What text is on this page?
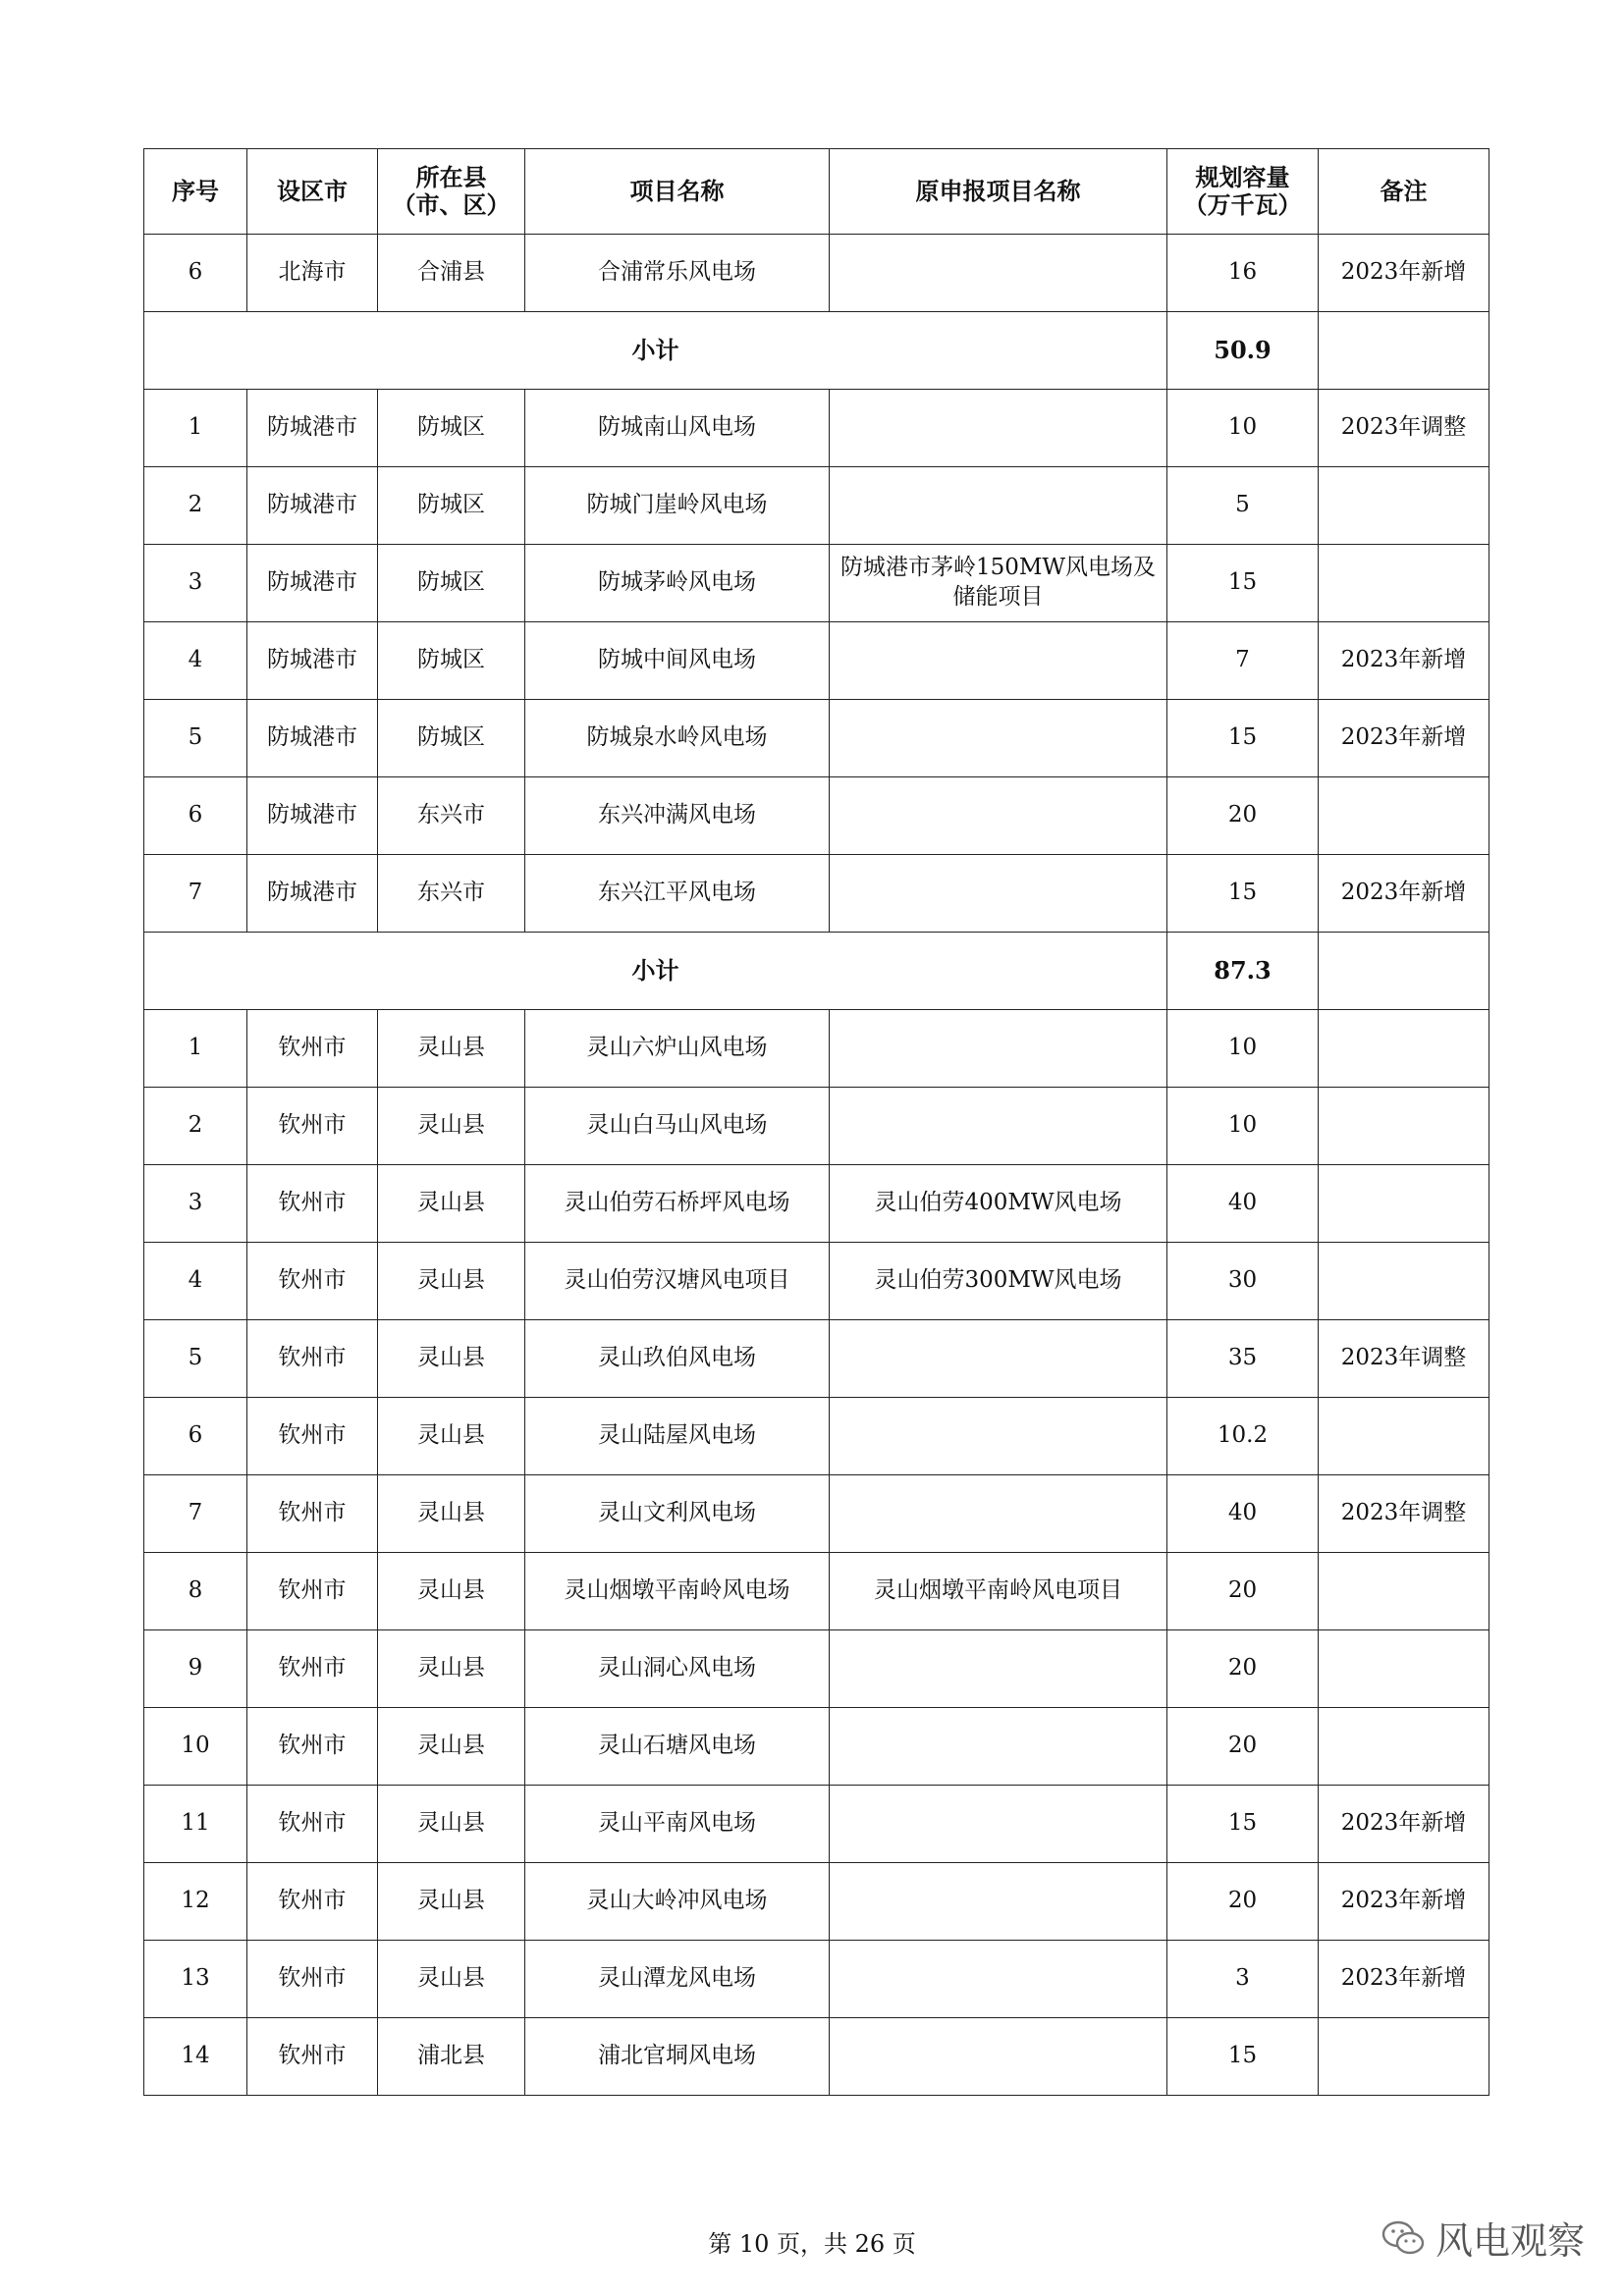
序号	设区市	所在县（市、区）	项目名称	原申报项目名称	规划容量（万千瓦）	备注
6	北海市	合浦县	合浦常乐风电场		16	2023年新增
小计					50.9	
1	防城港市	防城区	防城南山风电场		10	2023年调整
2	防城港市	防城区	防城门崖岭风电场		5	
3	防城港市	防城区	防城茅岭风电场	防城港市茅岭150MW风电场及储能项目	15	
4	防城港市	防城区	防城中间风电场		7	2023年新增
5	防城港市	防城区	防城泉水岭风电场		15	2023年新增
6	防城港市	东兴市	东兴冲满风电场		20	
7	防城港市	东兴市	东兴江平风电场		15	2023年新增
小计					87.3	
1	钦州市	灵山县	灵山六炉山风电场		10	
2	钦州市	灵山县	灵山白马山风电场		10	
3	钦州市	灵山县	灵山伯劳石桥坪风电场	灵山伯劳400MW风电场	40	
4	钦州市	灵山县	灵山伯劳汉塘风电项目	灵山伯劳300MW风电场	30	
5	钦州市	灵山县	灵山玖伯风电场		35	2023年调整
6	钦州市	灵山县	灵山陆屋风电场		10.2	
7	钦州市	灵山县	灵山文利风电场		40	2023年调整
8	钦州市	灵山县	灵山烟墩平南岭风电场	灵山烟墩平南岭风电项目	20	
9	钦州市	灵山县	灵山洞心风电场		20	
10	钦州市	灵山县	灵山石塘风电场		20	
11	钦州市	灵山县	灵山平南风电场		15	2023年新增
12	钦州市	灵山县	灵山大岭冲风电场		20	2023年新增
13	钦州市	灵山县	灵山潭龙风电场		3	2023年新增
14	钦州市	浦北县	浦北官垌风电场		15	
第 10 页，共 26 页	风电观察
